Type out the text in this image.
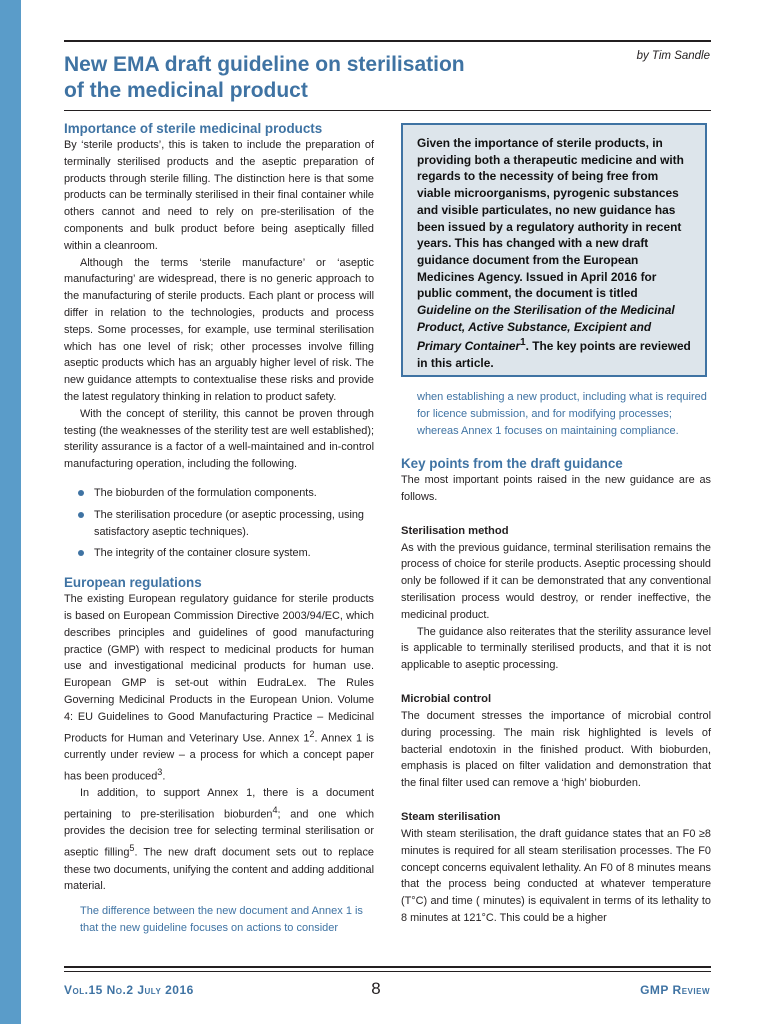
New EMA draft guideline on sterilisation
of the medicinal product
by Tim Sandle
Importance of sterile medicinal products

By ‘sterile products’, this is taken to include the preparation of terminally sterilised products and the aseptic preparation of products through sterile filling. The distinction here is that some products can be terminally sterilised in their final container while others cannot and need to rely on pre-sterilisation of the components and bulk product before being aseptically filled within a cleanroom.

Although the terms ‘sterile manufacture’ or ‘aseptic manufacturing’ are widespread, there is no generic approach to the manufacturing of sterile products. Each plant or process will differ in relation to the technologies, products and process steps. Some processes, for example, use terminal sterilisation which has one level of risk; other processes involve filling aseptic products which has an arguably higher level of risk. The new guidance attempts to contextualise these risks and provide the latest regulatory thinking in relation to product safety.

With the concept of sterility, this cannot be proven through testing (the weaknesses of the sterility test are well established); sterility assurance is a factor of a well-maintained and in-control manufacturing operation, including the following.

The bioburden of the formulation components.
The sterilisation procedure (or aseptic processing, using satisfactory aseptic techniques).
The integrity of the container closure system.
European regulations

The existing European regulatory guidance for sterile products is based on European Commission Directive 2003/94/EC, which describes principles and guidelines of good manufacturing practice (GMP) with respect to medicinal products for human use and investigational medicinal products for human use. European GMP is set-out within EudraLex. The Rules Governing Medicinal Products in the European Union. Volume 4: EU Guidelines to Good Manufacturing Practice – Medicinal Products for Human and Veterinary Use. Annex $1^2$. Annex 1 is currently under review – a process for which a concept paper has been produced$^3$.

In addition, to support Annex 1, there is a document pertaining to pre-sterilisation bioburden$^4$; and one which provides the decision tree for selecting terminal sterilisation or aseptic filling$^5$. The new draft document sets out to replace these two documents, unifying the content and adding additional material.

The difference between the new document and Annex 1 is that the new guideline focuses on actions to consider

Given the importance of sterile products, in providing both a therapeutic medicine and with regards to the necessity of being free from viable microorganisms, pyrogenic substances and visible particulates, no new guidance has been issued by a regulatory authority in recent years. This has changed with a new draft guidance document from the European Medicines Agency. Issued in April 2016 for public comment, the document is titled Guideline on the Sterilisation of the Medicinal Product, Active Substance, Excipient and Primary Container$^1$. The key points are reviewed in this article.

when establishing a new product, including what is required for licence submission, and for modifying processes; whereas Annex 1 focuses on maintaining compliance.

Key points from the draft guidance

The most important points raised in the new guidance are as follows.

Sterilisation method

As with the previous guidance, terminal sterilisation remains the process of choice for sterile products. Aseptic processing should only be followed if it can be demonstrated that any conventional sterilisation process would destroy, or render ineffective, the medicinal product.

The guidance also reiterates that the sterility assurance level is applicable to terminally sterilised products, and that it is not applicable to aseptic processing.

Microbial control

The document stresses the importance of microbial control during processing. The main risk highlighted is levels of bacterial endotoxin in the finished product. With bioburden, emphasis is placed on filter validation and demonstration that the final filter used can remove a ‘high’ bioburden.

Steam sterilisation

With steam sterilisation, the draft guidance states that an F0 ≥8 minutes is required for all steam sterilisation processes. The F0 concept concerns equivalent lethality. An F0 of 8 minutes means that the process being conducted at whatever temperature (T°C) and time ( minutes) is equivalent in terms of its lethality to 8 minutes at 121°C. This could be a higher

Vol.15 No.2 July 2016	8	GMP Review
